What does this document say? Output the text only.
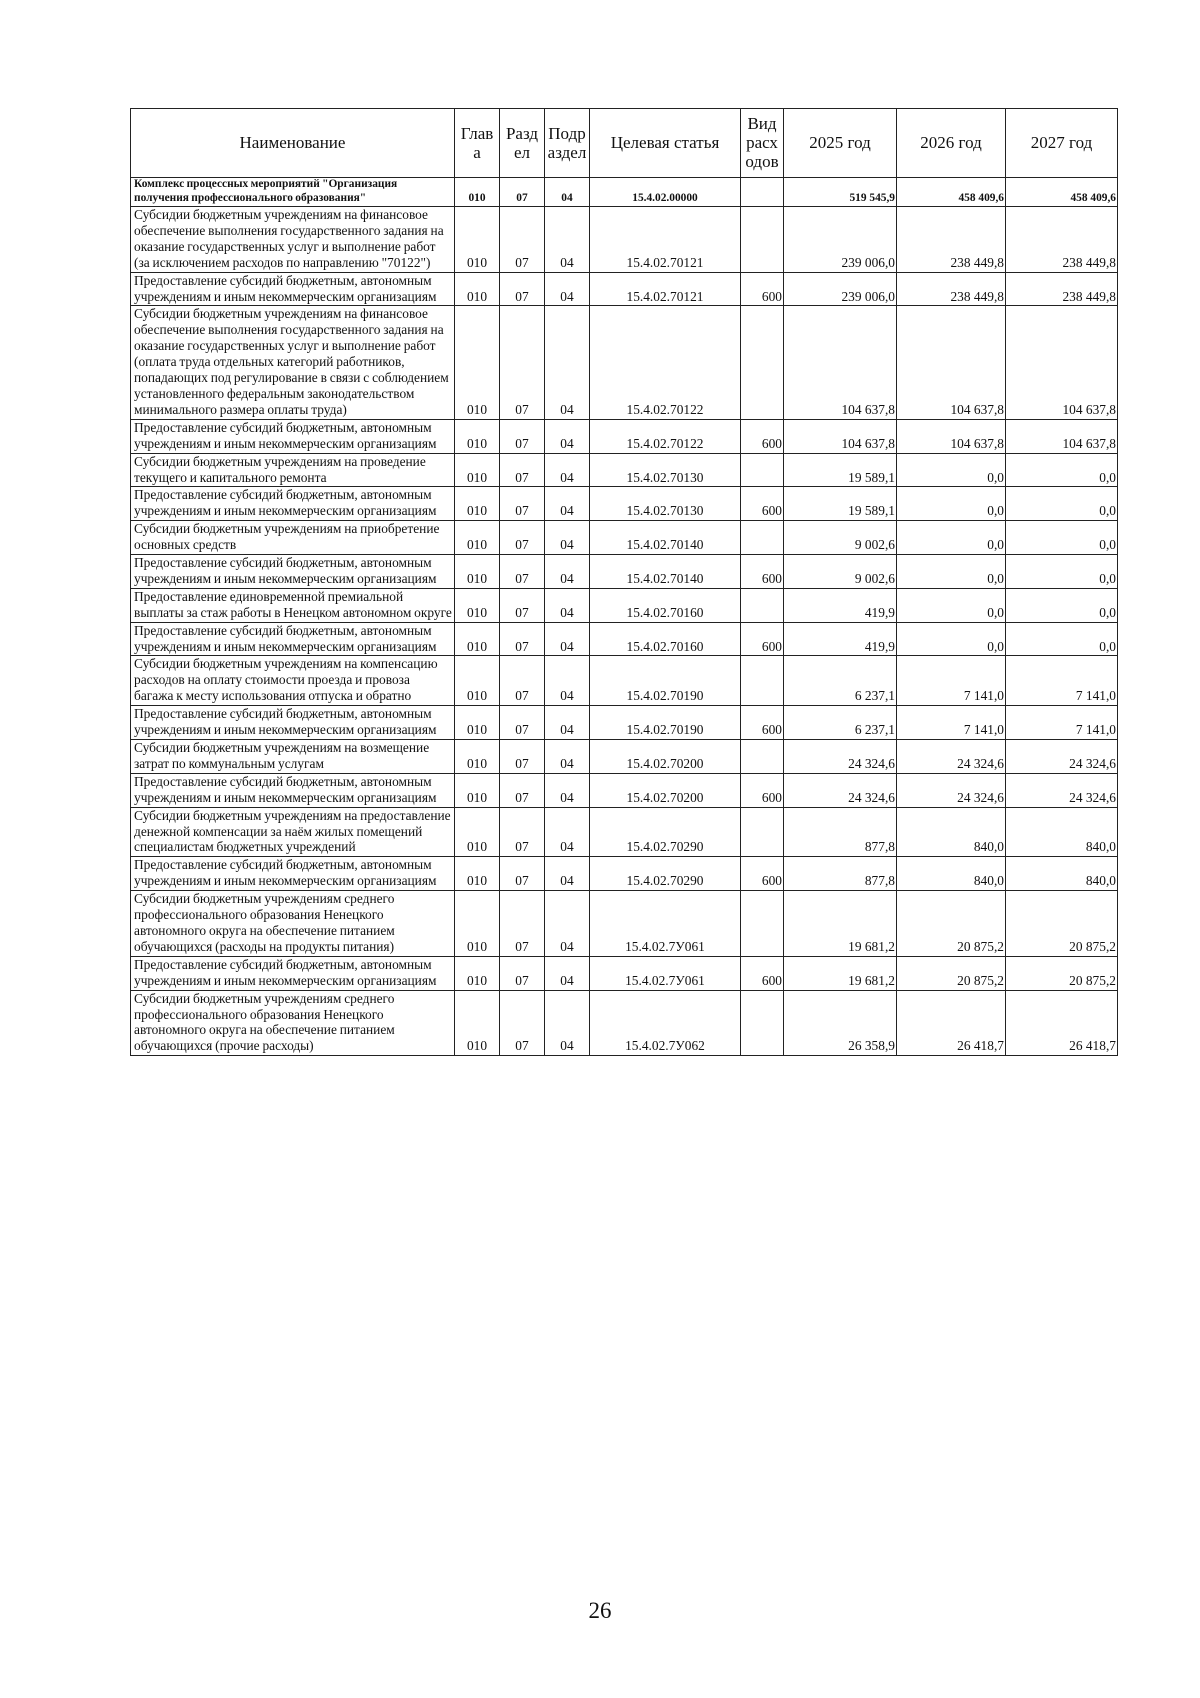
Наименование	Глав а	Разд ел	Подр аздел	Целевая статья	Вид расх одов	2025 год	2026 год	2027 год
Комплекс процессных мероприятий "Организация получения профессионального образования"	010	07	04	15.4.02.00000		519 545,9	458 409,6	458 409,6
Субсидии бюджетным учреждениям на финансовое обеспечение выполнения государственного задания на оказание государственных услуг и выполнение работ (за исключением расходов по направлению "70122")	010	07	04	15.4.02.70121		239 006,0	238 449,8	238 449,8
Предоставление субсидий бюджетным, автономным учреждениям и иным некоммерческим организациям	010	07	04	15.4.02.70121	600	239 006,0	238 449,8	238 449,8
Субсидии бюджетным учреждениям на финансовое обеспечение выполнения государственного задания на оказание государственных услуг и выполнение работ (оплата труда отдельных категорий работников, попадающих под регулирование в связи с соблюдением установленного федеральным законодательством минимального размера оплаты труда)	010	07	04	15.4.02.70122		104 637,8	104 637,8	104 637,8
Предоставление субсидий бюджетным, автономным учреждениям и иным некоммерческим организациям	010	07	04	15.4.02.70122	600	104 637,8	104 637,8	104 637,8
Субсидии бюджетным учреждениям на проведение текущего и капитального ремонта	010	07	04	15.4.02.70130		19 589,1	0,0	0,0
Предоставление субсидий бюджетным, автономным учреждениям и иным некоммерческим организациям	010	07	04	15.4.02.70130	600	19 589,1	0,0	0,0
Субсидии бюджетным учреждениям на приобретение основных средств	010	07	04	15.4.02.70140		9 002,6	0,0	0,0
Предоставление субсидий бюджетным, автономным учреждениям и иным некоммерческим организациям	010	07	04	15.4.02.70140	600	9 002,6	0,0	0,0
Предоставление единовременной премиальной выплаты за стаж работы в Ненецком автономном округе	010	07	04	15.4.02.70160		419,9	0,0	0,0
Предоставление субсидий бюджетным, автономным учреждениям и иным некоммерческим организациям	010	07	04	15.4.02.70160	600	419,9	0,0	0,0
Субсидии бюджетным учреждениям на компенсацию расходов на оплату стоимости проезда и провоза багажа к месту использования отпуска и обратно	010	07	04	15.4.02.70190		6 237,1	7 141,0	7 141,0
Предоставление субсидий бюджетным, автономным учреждениям и иным некоммерческим организациям	010	07	04	15.4.02.70190	600	6 237,1	7 141,0	7 141,0
Субсидии бюджетным учреждениям на возмещение затрат по коммунальным услугам	010	07	04	15.4.02.70200		24 324,6	24 324,6	24 324,6
Предоставление субсидий бюджетным, автономным учреждениям и иным некоммерческим организациям	010	07	04	15.4.02.70200	600	24 324,6	24 324,6	24 324,6
Субсидии бюджетным учреждениям на предоставление денежной компенсации за наём жилых помещений специалистам бюджетных учреждений	010	07	04	15.4.02.70290		877,8	840,0	840,0
Предоставление субсидий бюджетным, автономным учреждениям и иным некоммерческим организациям	010	07	04	15.4.02.70290	600	877,8	840,0	840,0
Субсидии бюджетным учреждениям среднего профессионального образования Ненецкого автономного округа на обеспечение питанием обучающихся (расходы на продукты питания)	010	07	04	15.4.02.7У061		19 681,2	20 875,2	20 875,2
Предоставление субсидий бюджетным, автономным учреждениям и иным некоммерческим организациям	010	07	04	15.4.02.7У061	600	19 681,2	20 875,2	20 875,2
Субсидии бюджетным учреждениям среднего профессионального образования Ненецкого автономного округа на обеспечение питанием обучающихся (прочие расходы)	010	07	04	15.4.02.7У062		26 358,9	26 418,7	26 418,7
26
